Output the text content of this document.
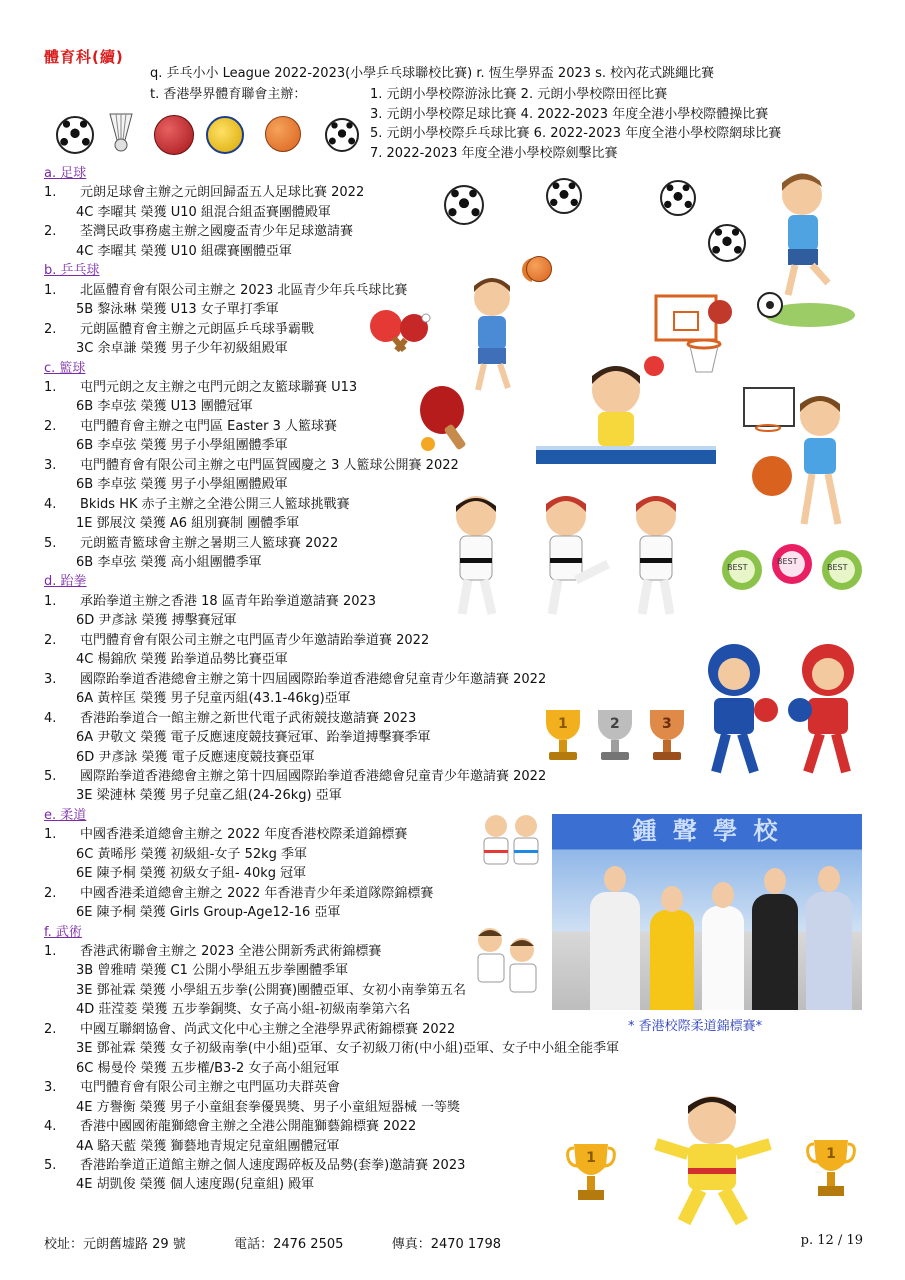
體育科(續)
q. 乒乓小小 League 2022-2023(小學乒乓球聯校比賽) r. 恆生學界盃 2023 s. 校內花式跳繩比賽
t. 香港學界體育聯會主辦：	1. 元朗小學校際游泳比賽 2. 元朗小學校際田徑比賽
3. 元朗小學校際足球比賽 4. 2022-2023 年度全港小學校際體操比賽
5. 元朗小學校際乒乓球比賽 6. 2022-2023 年度全港小學校際網球比賽
7. 2022-2023 年度全港小學校際劍擊比賽
a. 足球
1. 元朗足球會主辦之元朗回歸盃五人足球比賽 2022
4C 李曜其 榮獲 U10 組混合組盃賽團體殿軍
2. 荃灣民政事務處主辦之國慶盃青少年足球邀請賽
4C 李曜其 榮獲 U10 組碟賽團體亞軍
b. 乒乓球
1. 北區體育會有限公司主辦之 2023 北區青少年兵乓球比賽
5B 黎泳琳 榮獲 U13 女子單打季軍
2. 元朗區體育會主辦之元朗區乒乓球爭霸戰
3C 余卓謙 榮獲 男子少年初級組殿軍
c. 籃球
1. 屯門元朗之友主辦之屯門元朗之友籃球聯賽 U13
6B 李卓弦 榮獲 U13 團體冠軍
2. 屯門體育會主辦之屯門區 Easter 3 人籃球賽
6B 李卓弦 榮獲 男子小學組團體季軍
3. 屯門體育會有限公司主辦之屯門區賀國慶之 3 人籃球公開賽 2022
6B 李卓弦 榮獲 男子小學組團體殿軍
4. Bkids HK 赤子主辦之全港公開三人籃球挑戰賽
1E 鄧展汶 榮獲 A6 組別賽制 團體季軍
5. 元朗籃青籃球會主辦之暑期三人籃球賽 2022
6B 李卓弦 榮獲 高小組團體季軍
d. 跆拳
1. 承跆拳道主辦之香港 18 區青年跆拳道邀請賽 2023
6D 尹彥詠 榮獲 搏擊賽冠軍
2. 屯門體育會有限公司主辦之屯門區青少年邀請跆拳道賽 2022
4C 楊錦欣 榮獲 跆拳道品勢比賽亞軍
3. 國際跆拳道香港總會主辦之第十四屆國際跆拳道香港總會兒童青少年邀請賽 2022
6A 黃梓匡 榮獲 男子兒童丙組(43.1-46kg)亞軍
4. 香港跆拳道合一館主辦之新世代電子武術競技邀請賽 2023
6A 尹敬文 榮獲 電子反應速度競技賽冠軍、跆拳道搏擊賽季軍
6D 尹彥詠 榮獲 電子反應速度競技賽亞軍
5. 國際跆拳道香港總會主辦之第十四屆國際跆拳道香港總會兒童青少年邀請賽 2022
3E 梁漣林 榮獲 男子兒童乙組(24-26kg) 亞軍
e. 柔道
1. 中國香港柔道總會主辦之 2022 年度香港校際柔道錦標賽
6C 黃晞彤 榮獲 初級組-女子 52kg 季軍
6E 陳予桐 榮獲 初級女子組- 40kg 冠軍
2. 中國香港柔道總會主辦之 2022 年香港青少年柔道隊際錦標賽
6E 陳予桐 榮獲 Girls Group-Age12-16 亞軍
f. 武術
1. 香港武術聯會主辦之 2023 全港公開新秀武術錦標賽
3B 曾雅晴 榮獲 C1 公開小學組五步拳團體季軍
3E 鄧祉霖 榮獲 小學組五步拳(公開賽)團體亞軍、女初小南拳第五名
4D 莊滢菱 榮獲 五步拳銅獎、女子高小組-初級南拳第六名
2. 中國互聯網協會、尚武文化中心主辦之全港學界武術錦標賽 2022
3E 鄧祉霖 榮獲 女子初級南拳(中小組)亞軍、女子初級刀術(中小組)亞軍、女子中小組全能季軍
6C 楊曼伶 榮獲 五步權/B3-2 女子高小組冠軍
3. 屯門體育會有限公司主辦之屯門區功夫群英會
4E 方譽衡 榮獲 男子小童組套拳優異獎、男子小童組短器械 一等獎
4. 香港中國國術龍獅總會主辦之全港公開龍獅藝錦標賽 2022
4A 駱天藍 榮獲 獅藝地青規定兒童組團體冠軍
5. 香港跆拳道正道館主辦之個人速度踢碎板及品勢(套拳)邀請賽 2023
4E 胡凱俊 榮獲 個人速度踢(兒童組) 殿軍
BEST
BEST
BEST
1	2	3
鍾 聲 學 校
* 香港校際柔道錦標賽*
1	1
校址：元朗舊墟路 29 號	電話：2476 2505	傳真：2470 1798	p. 12 / 19
